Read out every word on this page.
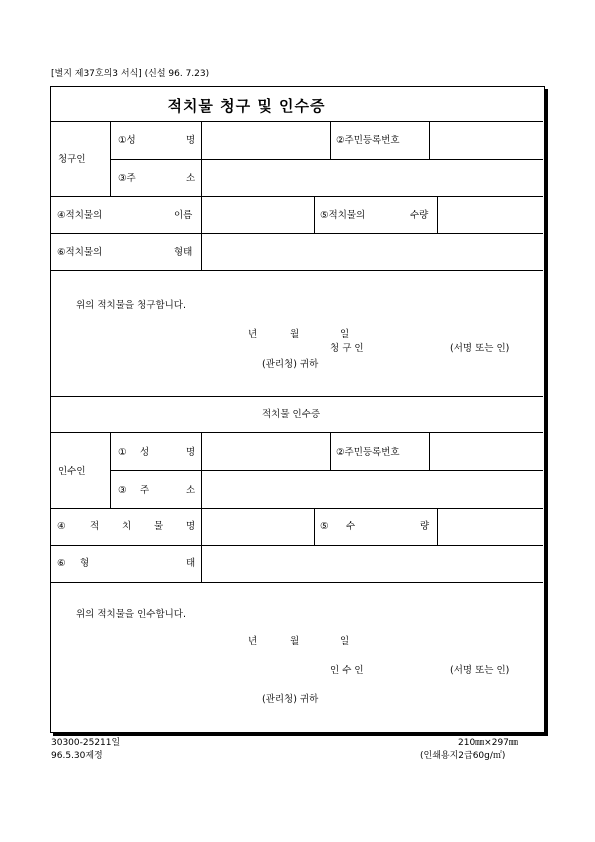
[별지 제37호의3 서식] (신설 96. 7.23)
적치물 청구 및 인수증
청구인
①성	명	②주민등록번호
③주	소
④적치물의	이름	⑤적치물의	수량
⑥적치물의	형태
위의 적치물을 청구합니다.
년	월	일
청 구 인	(서명 또는 인)
(관리청) 귀하
적치물 인수증
인수인
① 성	명	②주민등록번호
③ 주	소
④	적 치 물 명	⑤ 수	량
⑥ 형	태
위의 적치물을 인수합니다.
년	월	일
인 수 인	(서명 또는 인)
(관리청) 귀하
30300-25211일
96.5.30제정
210㎜×297㎜
(인쇄용지2급60g/㎡)
